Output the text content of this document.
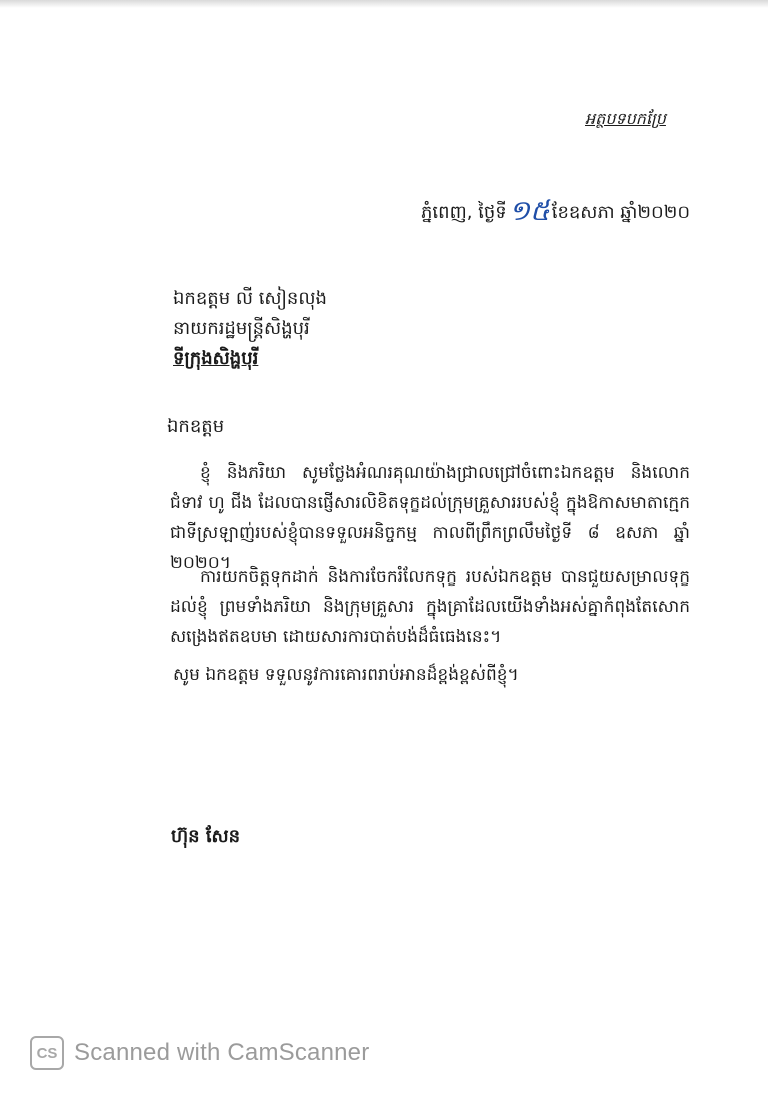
អត្ថបទបកប្រែ
ភ្នំពេញ, ថ្ងៃទី១៥ ខែឧសភា ឆ្នាំ២០២០
ឯកឧត្តម លី សៀនលុង
នាយករដ្ឋមន្ត្រីសិង្ហបុរី
ទីក្រុងសិង្ហបុរី
ឯកឧត្តម
ខ្ញុំ និងភរិយា សូមថ្លែងអំណរគុណយ៉ាងជ្រាលជ្រៅចំពោះឯកឧត្តម និងលោកជំទាវ ហូ ជីង ដែលបានផ្ញើសារលិខិតទុក្ខដល់ក្រុមគ្រួសាររបស់ខ្ញុំ ក្នុងឱកាសមាតាក្មេកជាទីស្រឡាញ់របស់ខ្ញុំបានទទួលអនិច្ចកម្ម កាលពីព្រឹកព្រលឹមថ្ងៃទី ៨ ឧសភា ឆ្នាំ ២០២០។
ការយកចិត្តទុកដាក់ និងការចែករំលែកទុក្ខ របស់ឯកឧត្តម បានជួយសម្រាលទុក្ខដល់ខ្ញុំ ព្រមទាំងភរិយា និងក្រុមគ្រួសារ ក្នុងគ្រាដែលយើងទាំងអស់គ្នាកំពុងតែសោកសង្រេងឥតឧបមា ដោយសារការបាត់បង់ដ៏ធំធេងនេះ។
សូម ឯកឧត្តម ទទួលនូវការគោរពរាប់អានដ៏ខ្ពង់ខ្ពស់ពីខ្ញុំ។
ហ៊ុន សែន
CS Scanned with CamScanner
